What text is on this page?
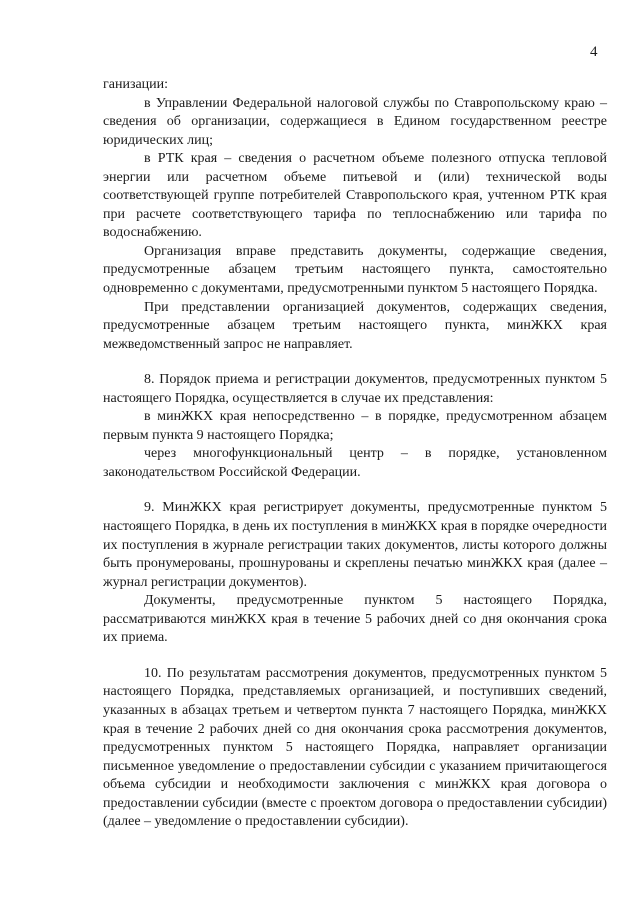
4

ганизации:

в Управлении Федеральной налоговой службы по Ставропольскому краю – сведения об организации, содержащиеся в Едином государственном реестре юридических лиц;

в РТК края – сведения о расчетном объеме полезного отпуска тепловой энергии или расчетном объеме питьевой и (или) технической воды соответствующей группе потребителей Ставропольского края, учтенном РТК края при расчете соответствующего тарифа по теплоснабжению или тарифа по водоснабжению.

Организация вправе представить документы, содержащие сведения, предусмотренные абзацем третьим настоящего пункта, самостоятельно одновременно с документами, предусмотренными пунктом 5 настоящего Порядка.

При представлении организацией документов, содержащих сведения, предусмотренные абзацем третьим настоящего пункта, минЖКХ края межведомственный запрос не направляет.

8. Порядок приема и регистрации документов, предусмотренных пунктом 5 настоящего Порядка, осуществляется в случае их представления:

в минЖКХ края непосредственно – в порядке, предусмотренном абзацем первым пункта 9 настоящего Порядка;

через многофункциональный центр – в порядке, установленном законодательством Российской Федерации.

9. МинЖКХ края регистрирует документы, предусмотренные пунктом 5 настоящего Порядка, в день их поступления в минЖКХ края в порядке очередности их поступления в журнале регистрации таких документов, листы которого должны быть пронумерованы, прошнурованы и скреплены печатью минЖКХ края (далее – журнал регистрации документов).

Документы, предусмотренные пунктом 5 настоящего Порядка, рассматриваются минЖКХ края в течение 5 рабочих дней со дня окончания срока их приема.

10. По результатам рассмотрения документов, предусмотренных пунктом 5 настоящего Порядка, представляемых организацией, и поступивших сведений, указанных в абзацах третьем и четвертом пункта 7 настоящего Порядка, минЖКХ края в течение 2 рабочих дней со дня окончания срока рассмотрения документов, предусмотренных пунктом 5 настоящего Порядка, направляет организации письменное уведомление о предоставлении субсидии с указанием причитающегося объема субсидии и необходимости заключения с минЖКХ края договора о предоставлении субсидии (вместе с проектом договора о предоставлении субсидии) (далее – уведомление о предоставлении субсидии).
